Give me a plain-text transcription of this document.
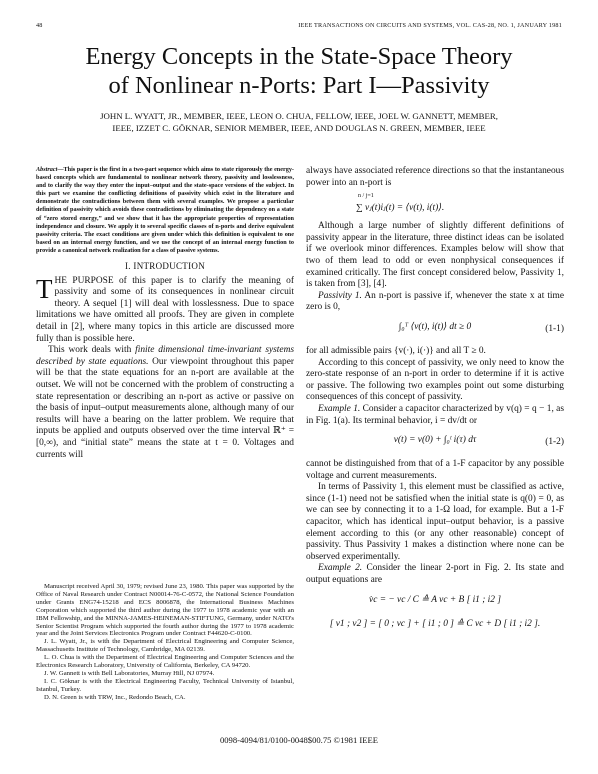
48	IEEE TRANSACTIONS ON CIRCUITS AND SYSTEMS, VOL. CAS-28, NO. 1, JANUARY 1981
Energy Concepts in the State-Space Theory
of Nonlinear n-Ports: Part I—Passivity
JOHN L. WYATT, JR., MEMBER, IEEE, LEON O. CHUA, FELLOW, IEEE, JOEL W. GANNETT, MEMBER,
IEEE, IZZET C. GÖKNAR, SENIOR MEMBER, IEEE, AND DOUGLAS N. GREEN, MEMBER, IEEE
Abstract—This paper is the first in a two-part sequence which aims to state rigorously the energy-based concepts which are fundamental to nonlinear network theory, passivity and losslessness, and to clarify the way they enter the input–output and the state-space versions of the subject. In this part we examine the conflicting definitions of passivity which exist in the literature and demonstrate the contradictions between them with several examples. We propose a particular definition of passivity which avoids these contradictions by eliminating the dependency on a state of “zero stored energy,” and we show that it has the appropriate properties of representation independence and closure. We apply it to several specific classes of n-ports and derive equivalent passivity criteria. The exact conditions are given under which this definition is equivalent to one based on an internal energy function, and we use the concept of an internal energy function to provide a canonical network realization for a class of passive systems.
I. INTRODUCTION

THE PURPOSE of this paper is to clarify the meaning of passivity and some of its consequences in nonlinear circuit theory. A sequel [1] will deal with losslessness. Due to space limitations we have omitted all proofs. They are given in complete detail in [2], where many topics in this article are discussed more fully than is possible here.

This work deals with finite dimensional time-invariant systems described by state equations. Our viewpoint throughout this paper will be that the state equations for an n-port are available at the outset. We will not be concerned with the problem of constructing a state representation or describing an n-port as active or passive on the basis of input–output measurements alone, although many of our results will have a bearing on the latter problem. We require that inputs be applied and outputs observed over the time interval ℝ⁺ =[0,∞), and “initial state” means the state at t = 0. Voltages and currents will

Manuscript received April 30, 1979; revised June 23, 1980. This paper was supported by the Office of Naval Research under Contract N00014-76-C-0572, the National Science Foundation under Grants ENG74-15218 and ECS 8006878, the International Business Machines Corporation which supported the third author during the 1977 to 1978 academic year with an IBM Fellowship, and the MINNA-JAMES-HEINEMAN-STIFTUNG, Germany, under NATO's Senior Scientist Program which supported the fourth author during the 1977 to 1978 academic year and the Joint Services Electronics Program under Contract F44620-C-0100.

J. L. Wyatt, Jr., is with the Department of Electrical Engineering and Computer Science, Massachusetts Institute of Technology, Cambridge, MA 02139.

L. O. Chua is with the Department of Electrical Engineering and Computer Sciences and the Electronics Research Laboratory, University of California, Berkeley, CA 94720.

J. W. Gannett is with Bell Laboratories, Murray Hill, NJ 07974.

I. C. Göknar is with the Electrical Engineering Faculty, Technical University of Istanbul, Istanbul, Turkey.

D. N. Green is with TRW, Inc., Redondo Beach, CA.

always have associated reference directions so that the instantaneous power into an n-port is

n / j=1
∑ vⱼ(t)iⱼ(t) = ⟨v(t), i(t)⟩.

Although a large number of slightly different definitions of passivity appear in the literature, three distinct ideas can be isolated if we overlook minor differences. Examples below will show that two of them lead to odd or even nonphysical consequences if examined critically. The first concept considered below, Passivity 1, is taken from [3], [4].

Passivity 1. An n-port is passive if, whenever the state x at time zero is 0,

∫₀ᵀ ⟨v(t), i(t)⟩ dt ≥ 0	(1-1)

for all admissible pairs {v(·), i(·)} and all T ≥ 0.

According to this concept of passivity, we only need to know the zero-state response of an n-port in order to determine if it is active or passive. The following two examples point out some disturbing consequences of this concept of passivity.

Example 1. Consider a capacitor characterized by v(q) = q − 1, as in Fig. 1(a). Its terminal behavior, i = dv/dt or

v(t) = v(0) + ∫₀ᵗ i(τ) dτ	(1-2)

cannot be distinguished from that of a 1-F capacitor by any possible voltage and current measurements.

In terms of Passivity 1, this element must be classified as active, since (1-1) need not be satisfied when the initial state is q(0) = 0, as we can see by connecting it to a 1-Ω load, for example. But a 1-F capacitor, which has identical input–output behavior, is a passive element according to this (or any other reasonable) concept of passivity. Thus Passivity 1 makes a distinction where none can be observed experimentally.

Example 2. Consider the linear 2-port in Fig. 2. Its state and output equations are

v̇c = − vc / C ≙ A vc + B [ i1 ; i2 ]
[ v1 ; v2 ] = [ 0 ; vc ] + [ i1 ; 0 ] ≙ C vc + D [ i1 ; i2 ].
0098-4094/81/0100-0048$00.75 ©1981 IEEE
